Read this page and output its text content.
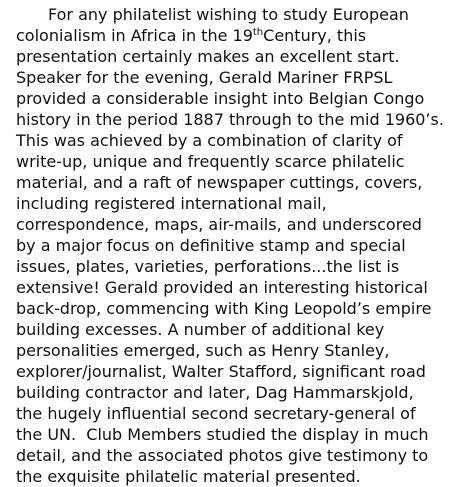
For any philatelist wishing to study European
colonialism in Africa in the 19thCentury, this
presentation certainly makes an excellent start.
Speaker for the evening, Gerald Mariner FRPSL
provided a considerable insight into Belgian Congo
history in the period 1887 through to the mid 1960’s.
This was achieved by a combination of clarity of
write-up, unique and frequently scarce philatelic
material, and a raft of newspaper cuttings, covers,
including registered international mail,
correspondence, maps, air-mails, and underscored
by a major focus on definitive stamp and special
issues, plates, varieties, perforations...the list is
extensive! Gerald provided an interesting historical
back-drop, commencing with King Leopold’s empire
building excesses. A number of additional key
personalities emerged, such as Henry Stanley,
explorer/journalist, Walter Stafford, significant road
building contractor and later, Dag Hammarskjold,
the hugely influential second secretary-general of
the UN.  Club Members studied the display in much
detail, and the associated photos give testimony to
the exquisite philatelic material presented.
